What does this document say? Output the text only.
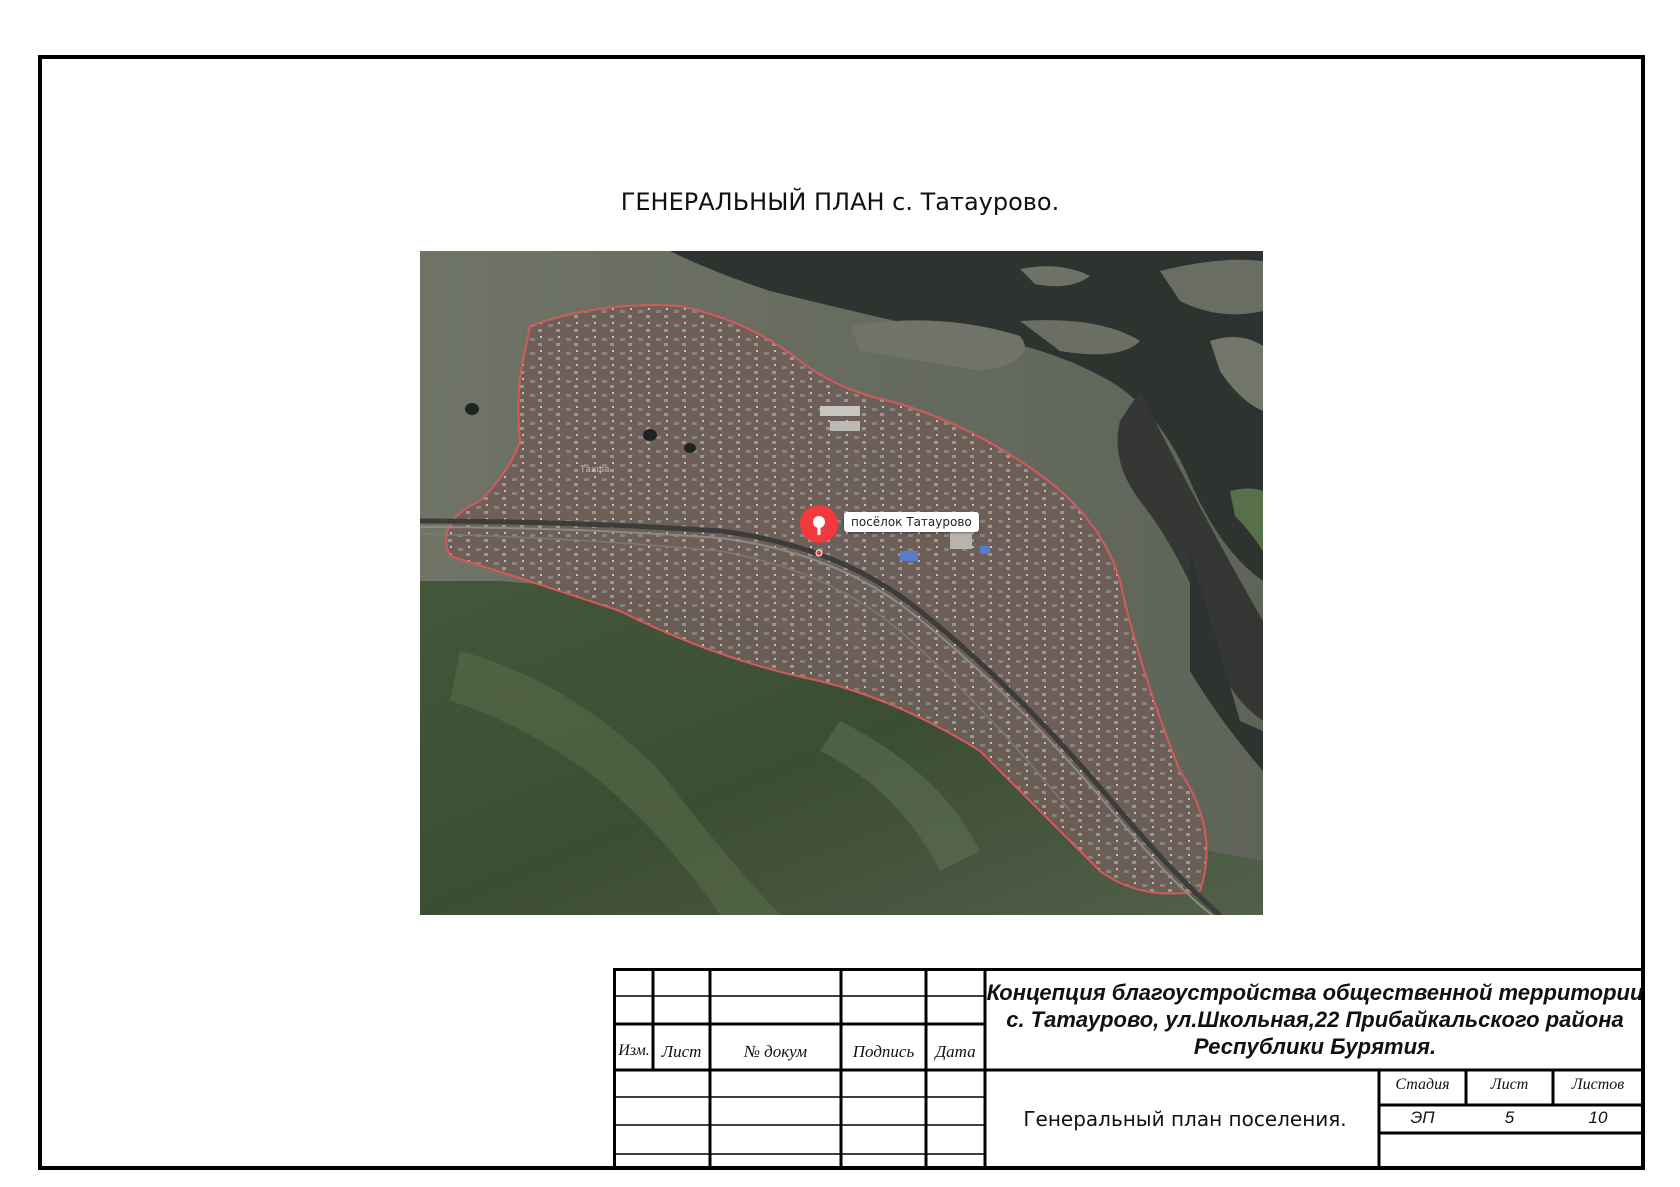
ГЕНЕРАЛЬНЫЙ ПЛАН с. Татаурово.
посёлок Татаурово
Тахфа
Изм. Лист	№ докум	Подпись	Дата
Концепция благоустройства общественной территории с. Татаурово, ул.Школьная,22 Прибайкальского района Республики Бурятия.
Генеральный план поселения.
Стадия	Лист	Листов
ЭП	5	10
